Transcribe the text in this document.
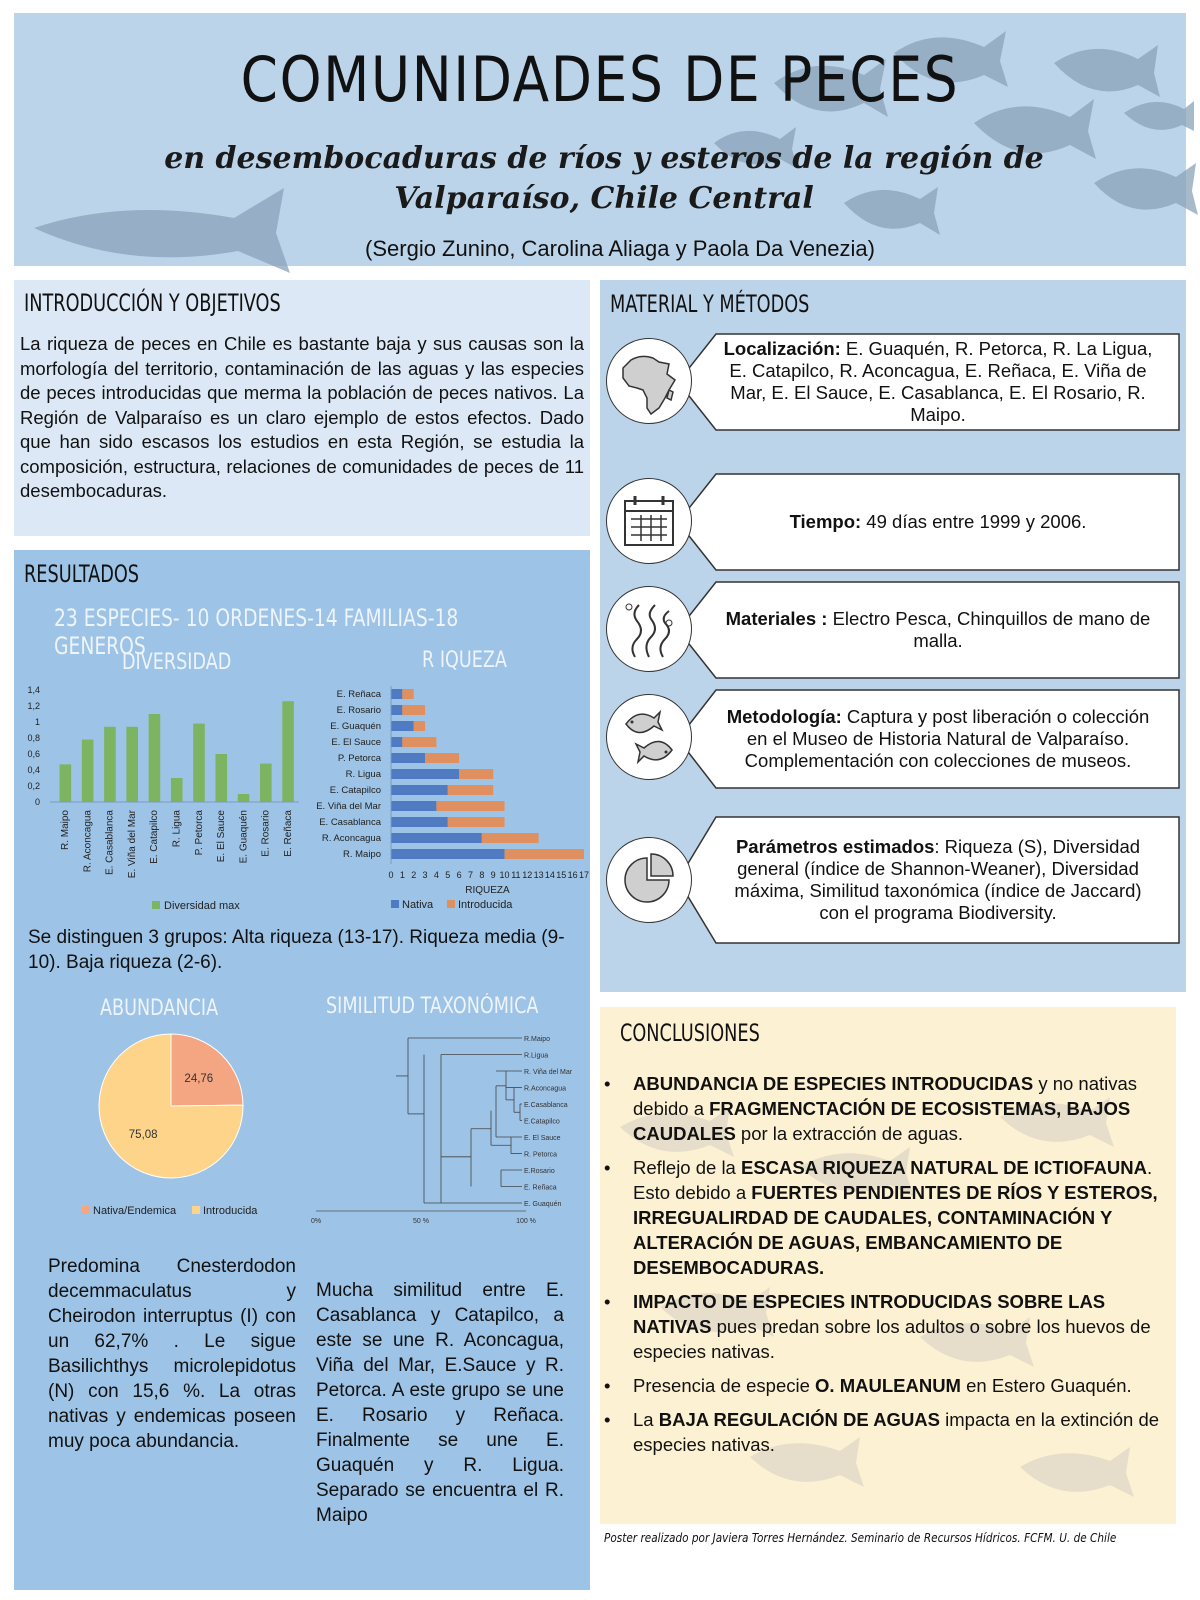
COMUNIDADES DE PECES
en desembocaduras de ríos y esteros de la región de
Valparaíso, Chile Central
(Sergio Zunino, Carolina Aliaga y Paola Da Venezia)
INTRODUCCIÓN Y OBJETIVOS

La riqueza de peces en Chile es bastante baja y sus causas son la morfología del territorio, contaminación de las aguas y las especies de peces introducidas que merma la población de peces nativos. La Región de Valparaíso es un claro ejemplo de estos efectos. Dado que han sido escasos los estudios en esta Región, se estudia la composición, estructura, relaciones de comunidades de peces de 11 desembocaduras.

RESULTADOS
23 ESPECIES- 10 ORDENES-14 FAMILIAS-18 GENEROS
DIVERSIDAD	R IQUEZA
0
0,2
0,4
0,6
0,8
1
1,2
1,4
R. Maipo R. Aconcagua E. Casablanca E. Viña del Mar E. Catapilco R. Ligua P. Petorca E. El Sauce E. Guaquén E. Rosario E. Reñaca
Diversidad max
E. Reñaca
E. Rosario
E. Guaquén
E. El Sauce
P. Petorca
R. Ligua
E. Catapilco
E. Viña del Mar
E. Casablanca
R. Aconcagua
R. Maipo
0 1 2 3 4 5 6 7 8 9 10 11 12 13 14 15 16 17
RIQUEZA
Nativa Introducida
Se distinguen 3 grupos: Alta riqueza (13-17). Riqueza media (9-10). Baja riqueza (2-6).
ABUNDANCIA	SIMILITUD TAXONÓMICA
24,76
75,08
Nativa/Endemica Introducida
R.Maipo
R.Ligua
R. Viña del Mar
R.Aconcagua
E.Casablanca
E.Catapilco
E. El Sauce
R. Petorca
E.Rosario
E. Reñaca
E. Guaquén
0%	50 %	100 %
Predomina Cnesterdodon decemmaculatus y Cheirodon interruptus (I) con un 62,7% . Le sigue Basilichthys microlepidotus (N) con 15,6 %. La otras nativas y endemicas poseen muy poca abundancia.
Mucha similitud entre E. Casablanca y Catapilco, a este se une R. Aconcagua, Viña del Mar, E.Sauce y R. Petorca. A este grupo se une E. Rosario y Reñaca. Finalmente se une E. Guaquén y R. Ligua. Separado se encuentra el R. Maipo
MATERIAL Y MÉTODOS
Localización: E. Guaquén, R. Petorca, R. La Ligua, E. Catapilco, R. Aconcagua, E. Reñaca, E. Viña de Mar, E. El Sauce, E. Casablanca, E. El Rosario, R. Maipo.
Tiempo: 49 días entre 1999 y 2006.
Materiales : Electro Pesca, Chinquillos de mano de malla.
Metodología: Captura y post liberación o colección en el Museo de Historia Natural de Valparaíso. Complementación con colecciones de museos.
Parámetros estimados: Riqueza (S), Diversidad general (índice de Shannon-Weaner), Diversidad máxima, Similitud taxonómica (índice de Jaccard) con el programa Biodiversity.
CONCLUSIONES
• ABUNDANCIA DE ESPECIES INTRODUCIDAS y no nativas debido a FRAGMENCTACIÓN DE ECOSISTEMAS, BAJOS CAUDALES por la extracción de aguas.
• Reflejo de la ESCASA RIQUEZA NATURAL DE ICTIOFAUNA. Esto debido a FUERTES PENDIENTES DE RÍOS Y ESTEROS, IRREGUALIRDAD DE CAUDALES, CONTAMINACIÓN Y ALTERACIÓN DE AGUAS, EMBANCAMIENTO DE DESEMBOCADURAS.
• IMPACTO DE ESPECIES INTRODUCIDAS SOBRE LAS NATIVAS pues predan sobre los adultos o sobre los huevos de especies nativas.
• Presencia de especie O. MAULEANUM en Estero Guaquén.
• La BAJA REGULACIÓN DE AGUAS impacta en la extinción de especies nativas.
Poster realizado por Javiera Torres Hernández. Seminario de Recursos Hídricos. FCFM. U. de Chile
